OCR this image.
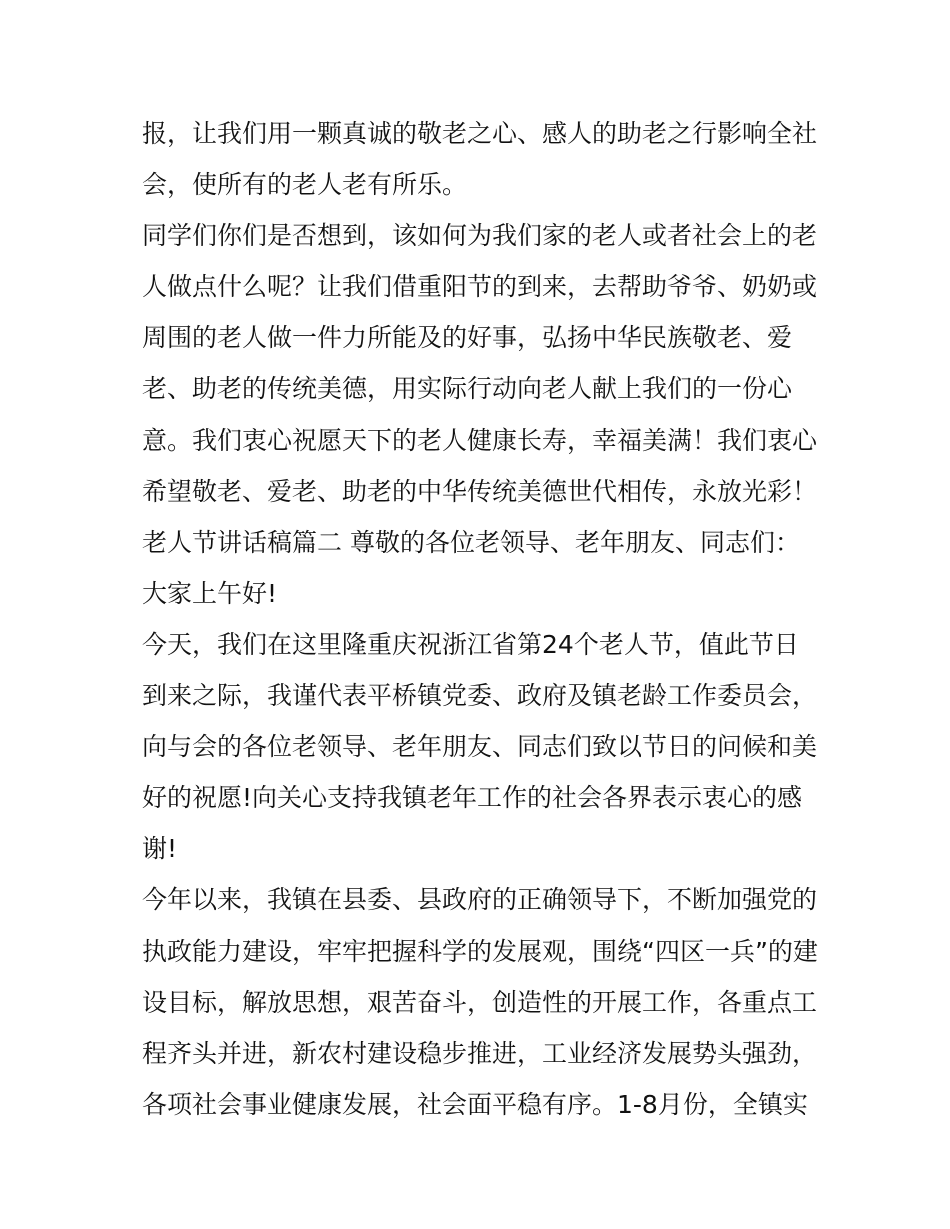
报，让我们用一颗真诚的敬老之心、感人的助老之行影响全社
会，使所有的老人老有所乐。
同学们你们是否想到，该如何为我们家的老人或者社会上的老
人做点什么呢？让我们借重阳节的到来，去帮助爷爷、奶奶或
周围的老人做一件力所能及的好事，弘扬中华民族敬老、爱
老、助老的传统美德，用实际行动向老人献上我们的一份心
意。我们衷心祝愿天下的老人健康长寿，幸福美满！我们衷心
希望敬老、爱老、助老的中华传统美德世代相传，永放光彩！
老人节讲话稿篇二 尊敬的各位老领导、老年朋友、同志们：
大家上午好!
今天，我们在这里隆重庆祝浙江省第24个老人节，值此节日
到来之际，我谨代表平桥镇党委、政府及镇老龄工作委员会，
向与会的各位老领导、老年朋友、同志们致以节日的问候和美
好的祝愿!向关心支持我镇老年工作的社会各界表示衷心的感
谢!
今年以来，我镇在县委、县政府的正确领导下，不断加强党的
执政能力建设，牢牢把握科学的发展观，围绕“四区一兵”的建
设目标，解放思想，艰苦奋斗，创造性的开展工作，各重点工
程齐头并进，新农村建设稳步推进，工业经济发展势头强劲，
各项社会事业健康发展，社会面平稳有序。1-8月份，全镇实
